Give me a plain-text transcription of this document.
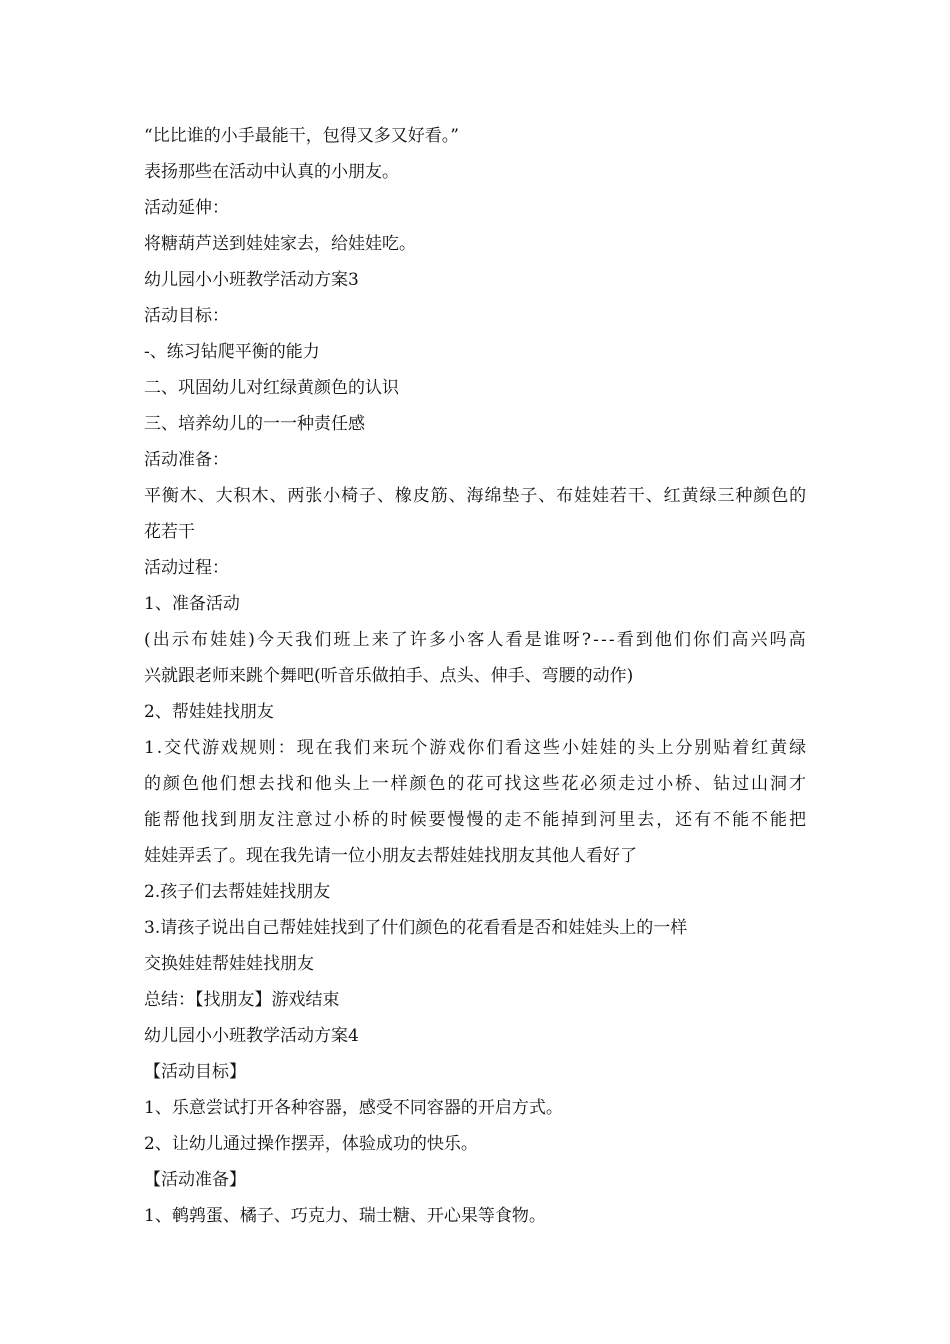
“比比谁的小手最能干，包得又多又好看。”

表扬那些在活动中认真的小朋友。

活动延伸：

将糖葫芦送到娃娃家去，给娃娃吃。

幼儿园小小班教学活动方案3

活动目标：

-、练习钻爬平衡的能力

二、巩固幼儿对红绿黄颜色的认识

三、培养幼儿的一一种责任感

活动准备：

平衡木、大积木、两张小椅子、橡皮筋、海绵垫子、布娃娃若干、红黄绿三种颜色的
花若干

活动过程：

1、准备活动

(出示布娃娃)今天我们班上来了许多小客人看是谁呀?---看到他们你们高兴吗高
兴就跟老师来跳个舞吧(听音乐做拍手、点头、伸手、弯腰的动作)

2、帮娃娃找朋友

1.交代游戏规则：现在我们来玩个游戏你们看这些小娃娃的头上分别贴着红黄绿
的颜色他们想去找和他头上一样颜色的花可找这些花必须走过小桥、钻过山洞才
能帮他找到朋友注意过小桥的时候要慢慢的走不能掉到河里去，还有不能不能把
娃娃弄丢了。现在我先请一位小朋友去帮娃娃找朋友其他人看好了

2.孩子们去帮娃娃找朋友

3.请孩子说出自己帮娃娃找到了什们颜色的花看看是否和娃娃头上的一样

交换娃娃帮娃娃找朋友

总结：【找朋友】游戏结束

幼儿园小小班教学活动方案4

【活动目标】

1、乐意尝试打开各种容器，感受不同容器的开启方式。

2、让幼儿通过操作摆弄，体验成功的快乐。

【活动准备】

1、鹌鹑蛋、橘子、巧克力、瑞士糖、开心果等食物。
